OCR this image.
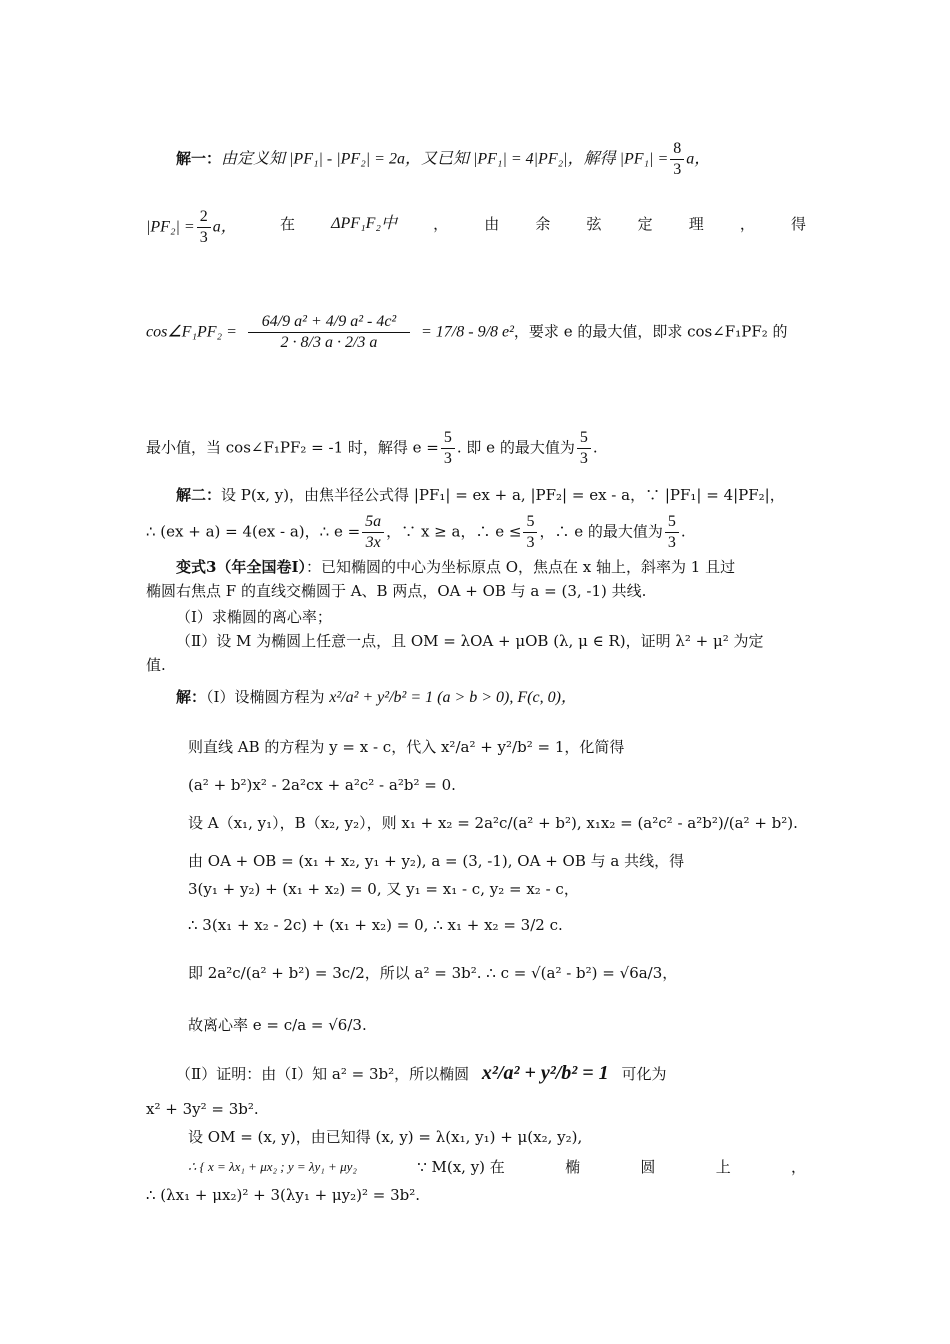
解一：由定义知 |PF₁| - |PF₂| = 2a，又已知 |PF₁| = 4|PF₂|，解得 $|PF_1| = \frac{8}{3}$ a，
$|PF_2| = \frac{2}{3}$ a，	在 ΔPF₁F₂中 ， 由 余 弦 定 理 ， 得
cos∠F₁PF₂ = $\frac{\text{64/9 a² + 4/9 a² - 4c²}}{2 \cdot 8/3 a \cdot 2/3 a} = 17/8 - 9/8$ e²，要求 e 的最大值，即求 cos∠F₁PF₂ 的
最小值，当 cos∠F₁PF₂ = -1 时，解得 $e = \frac{5}{3}$ . 即 e 的最大值为 $\frac{5}{3}$ .
解二：设 P(x, y)，由焦半径公式得 |PF₁| = ex + a, |PF₂| = ex - a，∵ |PF₁| = 4|PF₂|，
∴ (ex + a) = 4(ex - a)，∴ $e = \frac{5a}{3x}$ ，∵ x ≥ a，∴ $e \le \frac{5}{3}$ ，∴ e 的最大值为 $\frac{5}{3}$ .
变式3（年全国卷Ⅰ）：已知椭圆的中心为坐标原点 O，焦点在 x 轴上，斜率为 1 且过
椭圆右焦点 F 的直线交椭圆于 A、B 两点，OA + OB 与 a = (3, -1) 共线.
（Ⅰ）求椭圆的离心率；
（Ⅱ）设 M 为椭圆上任意一点，且 OM = λOA + μOB (λ, μ ∈ R)，证明 λ² + μ² 为定
值.
解：（Ⅰ）设椭圆方程为 x²/a² + y²/b² = 1 (a > b > 0), F(c, 0)，
则直线 AB 的方程为 y = x - c，代入 x²/a² + y²/b² = 1，化简得
(a² + b²)x² - 2a²cx + a²c² - a²b² = 0.
设 A（x₁, y₁），B（x₂, y₂），则 x₁ + x₂ = 2a²c/(a² + b²), x₁x₂ = (a²c² - a²b²)/(a² + b²).
由 OA + OB = (x₁ + x₂, y₁ + y₂), a = (3, -1), OA + OB 与 a 共线，得
3(y₁ + y₂) + (x₁ + x₂) = 0, 又 y₁ = x₁ - c, y₂ = x₂ - c，
∴ 3(x₁ + x₂ - 2c) + (x₁ + x₂) = 0, ∴ x₁ + x₂ = 3/2 c.
即 2a²c/(a² + b²) = 3c/2，所以 a² = 3b². ∴ c = √(a² - b²) = √6a/3，
故离心率 e = c/a = √6/3.
（Ⅱ）证明：由（Ⅰ）知 a² = 3b²，所以椭圆 x²/a² + y²/b² = 1 可化为
x² + 3y² = 3b².
设 OM = (x, y)，由已知得 (x, y) = λ(x₁, y₁) + μ(x₂, y₂),
∴ { x = λx₁ + μx₂ ; y = λy₁ + μy₂	∵ M(x, y) 在	椭	圆	上	，
∴ (λx₁ + μx₂)² + 3(λy₁ + μy₂)² = 3b².
